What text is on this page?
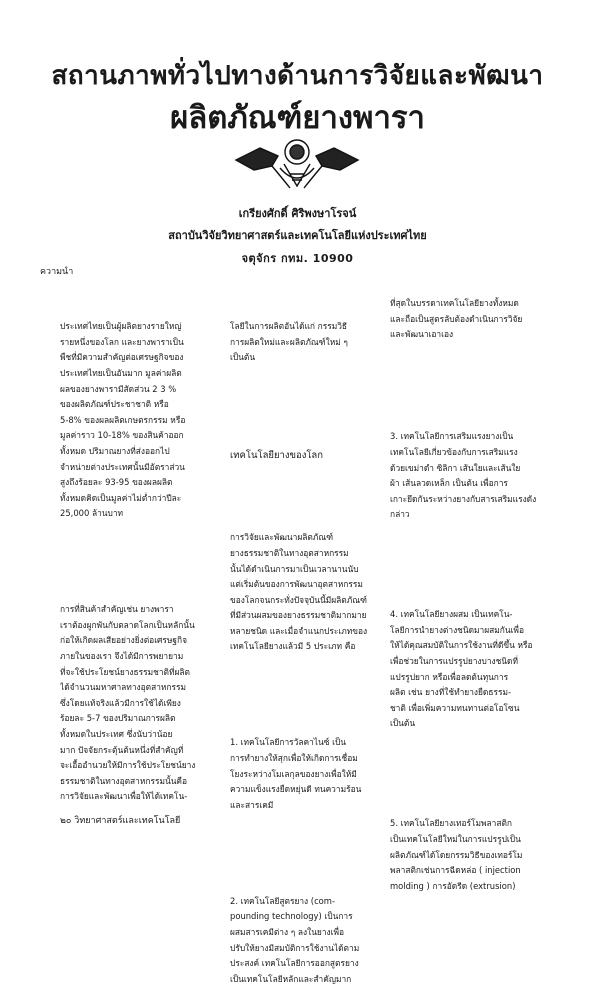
สถานภาพทั่วไปทางด้านการวิจัยและพัฒนา
ผลิตภัณฑ์ยางพารา
เกรียงศักดิ์ ศิริพงษาโรจน์
สถาบันวิจัยวิทยาศาสตร์และเทคโนโลยีแห่งประเทศไทย
จตุจักร กทม. 10900
ความนำ

ประเทศไทยเป็นผู้ผลิตยางรายใหญ่
รายหนึ่งของโลก และยางพาราเป็น
พืชที่มีความสำคัญต่อเศรษฐกิจของ
ประเทศไทยเป็นอันมาก มูลค่าผลิต
ผลของยางพารามีสัดส่วน 2 3 %
ของผลิตภัณฑ์ประชาชาติ หรือ
5-8% ของผลผลิตเกษตรกรรม หรือ
มูลค่าราว 10-18% ของสินค้าออก
ทั้งหมด ปริมาณยางที่ส่งออกไป
จำหน่ายต่างประเทศนั้นมีอัตราส่วน
สูงถึงร้อยละ 93-95 ของผลผลิต
ทั้งหมดคิดเป็นมูลค่าไม่ต่ำกว่าปีละ
25,000 ล้านบาท

การที่สินค้าสำคัญเช่น ยางพารา
เราต้องผูกพันกับตลาดโลกเป็นหลักนั้น
ก่อให้เกิดผลเสียอย่างยิ่งต่อเศรษฐกิจ
ภายในของเรา จึงได้มีการพยายาม
ที่จะใช้ประโยชน์ยางธรรมชาติที่ผลิต
ได้จำนวนมหาศาลทางอุตสาหกรรม
ซึ่งโดยแท้จริงแล้วมีการใช้ได้เพียง
ร้อยละ 5-7 ของปริมาณการผลิต
ทั้งหมดในประเทศ ซึ่งนับว่าน้อย
มาก ปัจจัยกระตุ้นต้นหนึ่งที่สำคัญที่
จะเอื้ออำนวยให้มีการใช้ประโยชน์ยาง
ธรรมชาติในทางอุตสาหกรรมนั้นคือ
การวิจัยและพัฒนาเพื่อให้ได้เทคโน-

โลยีในการผลิตอันได้แก่ กรรมวิธี
การผลิตใหม่และผลิตภัณฑ์ใหม่ ๆ
เป็นต้น

เทคโนโลยียางของโลก

การวิจัยและพัฒนาผลิตภัณฑ์
ยางธรรมชาติในทางอุตสาหกรรม
นั้นได้ดำเนินการมาเป็นเวลานานนับ
แต่เริ่มต้นของการพัฒนาอุตสาหกรรม
ของโลกจนกระทั่งปัจจุบันนี้มีผลิตภัณฑ์
ที่มีส่วนผสมของยางธรรมชาติมากมาย
หลายชนิด และเมื่อจำแนกประเภทของ
เทคโนโลยียางแล้วมี 5 ประเภท คือ

1. เทคโนโลยีการวัลคาไนซ์ เป็น
การทำยางให้สุกเพื่อให้เกิดการเชื่อม
โยงระหว่างโมเลกุลของยางเพื่อให้มี
ความแข็งแรงยืดหยุ่นดี ทนความร้อน
และสารเคมี

2. เทคโนโลยีสูตรยาง (com-
pounding technology) เป็นการ
ผสมสารเคมีต่าง ๆ ลงในยางเพื่อ
ปรับให้ยางมีสมบัติการใช้งานได้ตาม
ประสงค์ เทคโนโลยีการออกสูตรยาง
เป็นเทคโนโลยีหลักและสำคัญมาก

ที่สุดในบรรดาเทคโนโลยียางทั้งหมด
และถือเป็นสูตรลับต้องดำเนินการวิจัย
และพัฒนาเอาเอง

3. เทคโนโลยีการเสริมแรงยางเป็น
เทคโนโลยีเกี่ยวข้องกับการเสริมแรง
ด้วยเขม่าดำ ซิลิกา เส้นใยและเส้นใย
ผ้า เส้นลวดเหล็ก เป็นต้น เพื่อการ
เกาะยึดกันระหว่างยางกับสารเสริมแรงดัง
กล่าว

4. เทคโนโลยียางผสม เป็นเทคโน-
โลยีการนำยางต่างชนิดมาผสมกันเพื่อ
ให้ได้คุณสมบัติในการใช้งานที่ดีขึ้น หรือ
เพื่อช่วยในการแปรรูปยางบางชนิดที่
แปรรูปยาก หรือเพื่อลดต้นทุนการ
ผลิต เช่น ยางที่ใช้ทำยางยืดธรรม-
ชาติ เพื่อเพิ่มความทนทานต่อโอโซน
เป็นต้น

5. เทคโนโลยียางเทอร์โมพลาสติก
เป็นเทคโนโลยีใหม่ในการแปรรูปเป็น
ผลิตภัณฑ์ได้โดยกรรมวิธีของเทอร์โม
พลาสติกเช่นการฉีดหล่อ ( injection
molding ) การอัดรีด (extrusion)

๒๐ วิทยาศาสตร์และเทคโนโลยี
